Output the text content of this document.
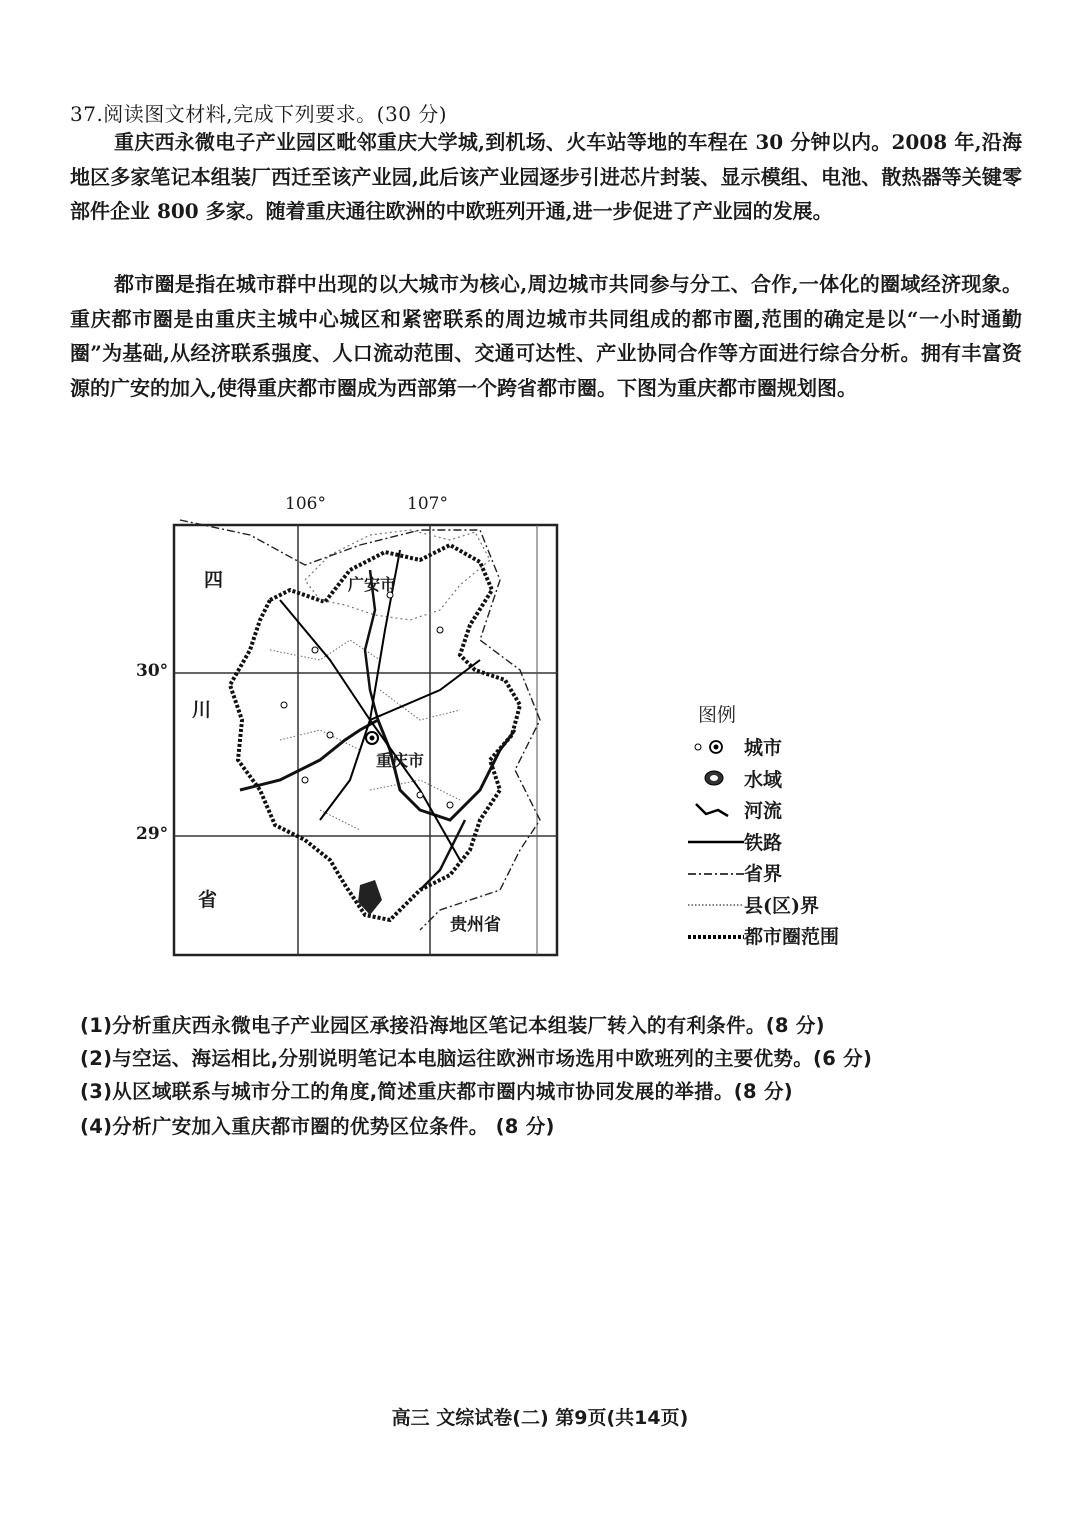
37.阅读图文材料,完成下列要求。(30 分)

重庆西永微电子产业园区毗邻重庆大学城,到机场、火车站等地的车程在 30 分钟以内。2008 年,沿海地区多家笔记本组装厂西迁至该产业园,此后该产业园逐步引进芯片封装、显示模组、电池、散热器等关键零部件企业 800 多家。随着重庆通往欧洲的中欧班列开通,进一步促进了产业园的发展。

都市圈是指在城市群中出现的以大城市为核心,周边城市共同参与分工、合作,一体化的圈域经济现象。重庆都市圈是由重庆主城中心城区和紧密联系的周边城市共同组成的都市圈,范围的确定是以“一小时通勤圈”为基础,从经济联系强度、人口流动范围、交通可达性、产业协同合作等方面进行综合分析。拥有丰富资源的广安的加入,使得重庆都市圈成为西部第一个跨省都市圈。下图为重庆都市圈规划图。

106°	107°
30°
29°
四
川
省
贵州省
广安市
重庆市
图例
城市
水域
河流
铁路
省界
县(区)界
都市圈范围
(1)分析重庆西永微电子产业园区承接沿海地区笔记本组装厂转入的有利条件。(8 分)
(2)与空运、海运相比,分别说明笔记本电脑运往欧洲市场选用中欧班列的主要优势。(6 分)
(3)从区域联系与城市分工的角度,简述重庆都市圈内城市协同发展的举措。(8 分)
(4)分析广安加入重庆都市圈的优势区位条件。 (8 分)
高三 文综试卷(二) 第9页(共14页)
